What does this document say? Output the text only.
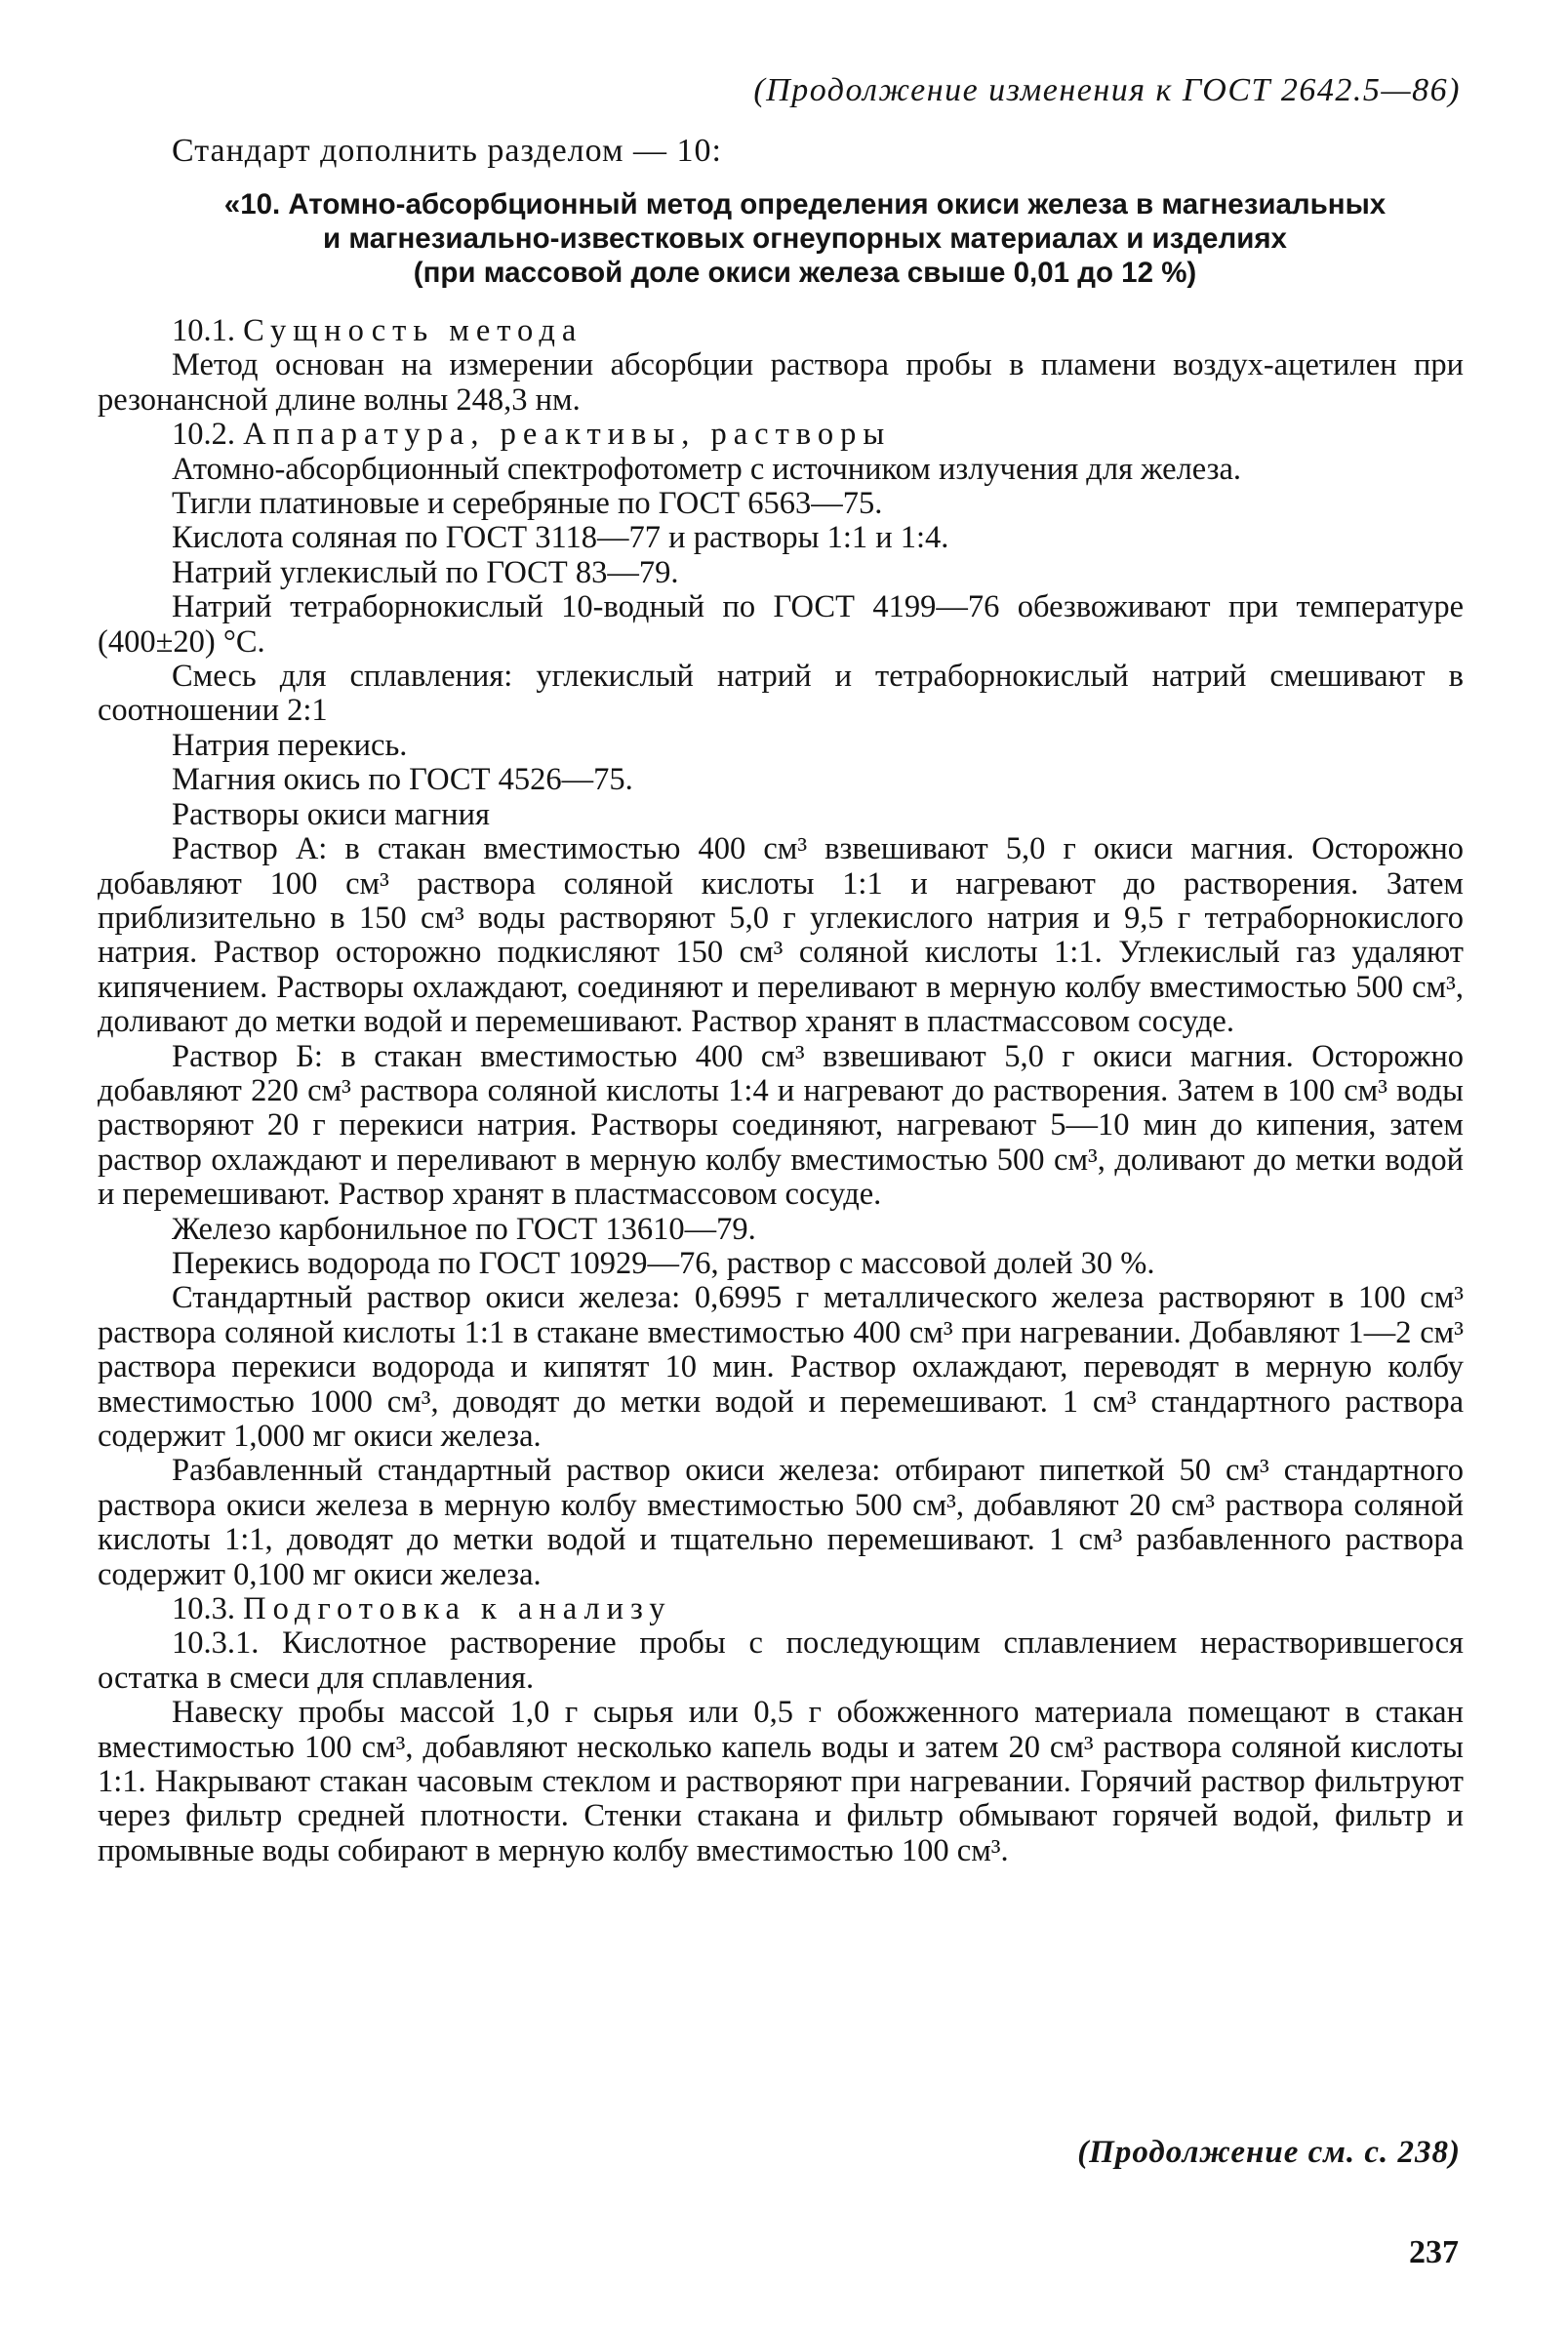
(Продолжение изменения к ГОСТ 2642.5—86)
Стандарт дополнить разделом — 10:
«10. Атомно-абсорбционный метод определения окиси железа в магнезиальных
и магнезиально-известковых огнеупорных материалах и изделиях
(при массовой доле окиси железа свыше 0,01 до 12 %)

10.1. Сущность метода

Метод основан на измерении абсорбции раствора пробы в пламени воздух-ацетилен при резонансной длине волны 248,3 нм.

10.2. Аппаратура, реактивы, растворы

Атомно-абсорбционный спектрофотометр с источником излучения для железа.

Тигли платиновые и серебряные по ГОСТ 6563—75.

Кислота соляная по ГОСТ 3118—77 и растворы 1:1 и 1:4.

Натрий углекислый по ГОСТ 83—79.

Натрий тетраборнокислый 10-водный по ГОСТ 4199—76 обезвоживают при температуре (400±20) °С.

Смесь для сплавления: углекислый натрий и тетраборнокислый натрий смешивают в соотношении 2:1

Натрия перекись.

Магния окись по ГОСТ 4526—75.

Растворы окиси магния

Раствор А: в стакан вместимостью 400 см³ взвешивают 5,0 г окиси магния. Осторожно добавляют 100 см³ раствора соляной кислоты 1:1 и нагревают до растворения. Затем приблизительно в 150 см³ воды растворяют 5,0 г углекислого натрия и 9,5 г тетраборнокислого натрия. Раствор осторожно подкисляют 150 см³ соляной кислоты 1:1. Углекислый газ удаляют кипячением. Растворы охлаждают, соединяют и переливают в мерную колбу вместимостью 500 см³, доливают до метки водой и перемешивают. Раствор хранят в пластмассовом сосуде.

Раствор Б: в стакан вместимостью 400 см³ взвешивают 5,0 г окиси магния. Осторожно добавляют 220 см³ раствора соляной кислоты 1:4 и нагревают до растворения. Затем в 100 см³ воды растворяют 20 г перекиси натрия. Растворы соединяют, нагревают 5—10 мин до кипения, затем раствор охлаждают и переливают в мерную колбу вместимостью 500 см³, доливают до метки водой и перемешивают. Раствор хранят в пластмассовом сосуде.

Железо карбонильное по ГОСТ 13610—79.

Перекись водорода по ГОСТ 10929—76, раствор с массовой долей 30 %.

Стандартный раствор окиси железа: 0,6995 г металлического железа растворяют в 100 см³ раствора соляной кислоты 1:1 в стакане вместимостью 400 см³ при нагревании. Добавляют 1—2 см³ раствора перекиси водорода и кипятят 10 мин. Раствор охлаждают, переводят в мерную колбу вместимостью 1000 см³, доводят до метки водой и перемешивают. 1 см³ стандартного раствора содержит 1,000 мг окиси железа.

Разбавленный стандартный раствор окиси железа: отбирают пипеткой 50 см³ стандартного раствора окиси железа в мерную колбу вместимостью 500 см³, добавляют 20 см³ раствора соляной кислоты 1:1, доводят до метки водой и тщательно перемешивают. 1 см³ разбавленного раствора содержит 0,100 мг окиси железа.

10.3. Подготовка к анализу

10.3.1. Кислотное растворение пробы с последующим сплавлением нерастворившегося остатка в смеси для сплавления.

Навеску пробы массой 1,0 г сырья или 0,5 г обожженного материала помещают в стакан вместимостью 100 см³, добавляют несколько капель воды и затем 20 см³ раствора соляной кислоты 1:1. Накрывают стакан часовым стеклом и растворяют при нагревании. Горячий раствор фильтруют через фильтр средней плотности. Стенки стакана и фильтр обмывают горячей водой, фильтр и промывные воды собирают в мерную колбу вместимостью 100 см³.

(Продолжение см. с. 238)
237
